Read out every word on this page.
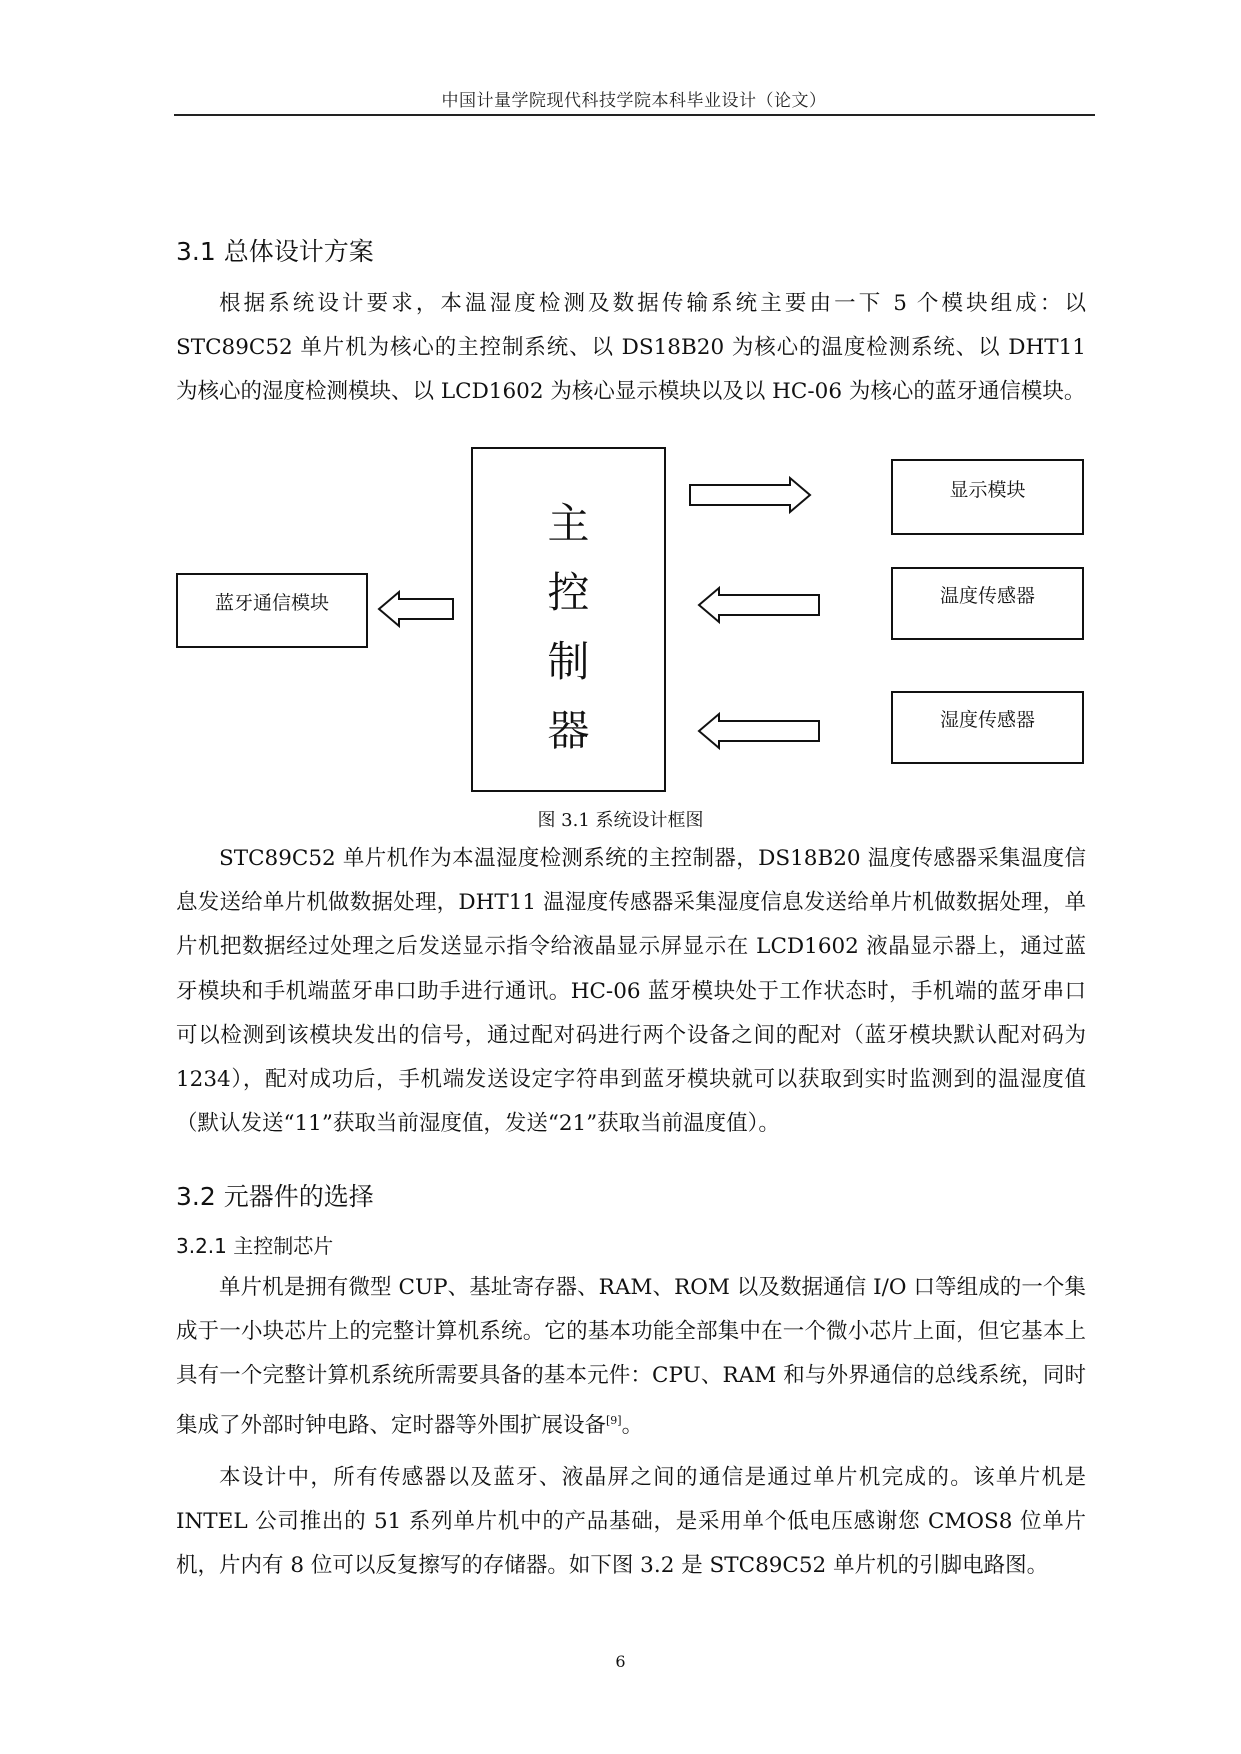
中国计量学院现代科技学院本科毕业设计（论文）
3.1 总体设计方案

根据系统设计要求，本温湿度检测及数据传输系统主要由一下 5 个模块组成：以 STC89C52 单片机为核心的主控制系统、以 DS18B20 为核心的温度检测系统、以 DHT11 为核心的湿度检测模块、以 LCD1602 为核心显示模块以及以 HC-06 为核心的蓝牙通信模块。

主
控
制
器
蓝牙通信模块
显示模块
温度传感器
湿度传感器
图 3.1 系统设计框图

STC89C52 单片机作为本温湿度检测系统的主控制器，DS18B20 温度传感器采集温度信息发送给单片机做数据处理，DHT11 温湿度传感器采集湿度信息发送给单片机做数据处理，单片机把数据经过处理之后发送显示指令给液晶显示屏显示在 LCD1602 液晶显示器上，通过蓝牙模块和手机端蓝牙串口助手进行通讯。HC-06 蓝牙模块处于工作状态时，手机端的蓝牙串口可以检测到该模块发出的信号，通过配对码进行两个设备之间的配对（蓝牙模块默认配对码为 1234），配对成功后，手机端发送设定字符串到蓝牙模块就可以获取到实时监测到的温湿度值（默认发送“11”获取当前湿度值，发送“21”获取当前温度值）。

3.2 元器件的选择
3.2.1 主控制芯片

单片机是拥有微型 CUP、基址寄存器、RAM、ROM 以及数据通信 I/O 口等组成的一个集成于一小块芯片上的完整计算机系统。它的基本功能全部集中在一个微小芯片上面，但它基本上具有一个完整计算机系统所需要具备的基本元件：CPU、RAM 和与外界通信的总线系统，同时集成了外部时钟电路、定时器等外围扩展设备[9]。

本设计中，所有传感器以及蓝牙、液晶屏之间的通信是通过单片机完成的。该单片机是 INTEL 公司推出的 51 系列单片机中的产品基础，是采用单个低电压感谢您 CMOS8 位单片机，片内有 8 位可以反复擦写的存储器。如下图 3.2 是 STC89C52 单片机的引脚电路图。

6
